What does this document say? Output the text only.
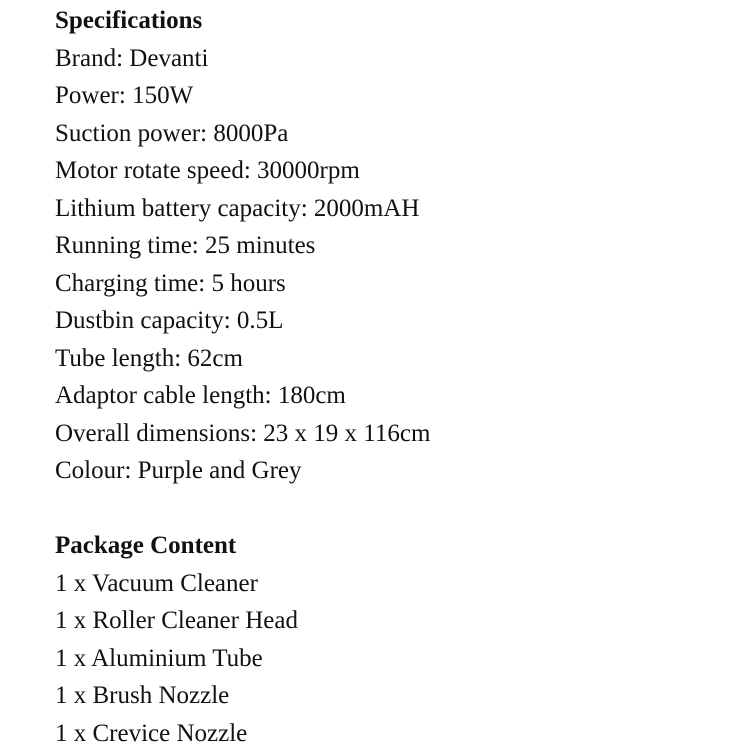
Specifications
Brand: Devanti
Power: 150W
Suction power: 8000Pa
Motor rotate speed: 30000rpm
Lithium battery capacity: 2000mAH
Running time: 25 minutes
Charging time: 5 hours
Dustbin capacity: 0.5L
Tube length: 62cm
Adaptor cable length: 180cm
Overall dimensions: 23 x 19 x 116cm
Colour: Purple and Grey
Package Content
1 x Vacuum Cleaner
1 x Roller Cleaner Head
1 x Aluminium Tube
1 x Brush Nozzle
1 x Crevice Nozzle
